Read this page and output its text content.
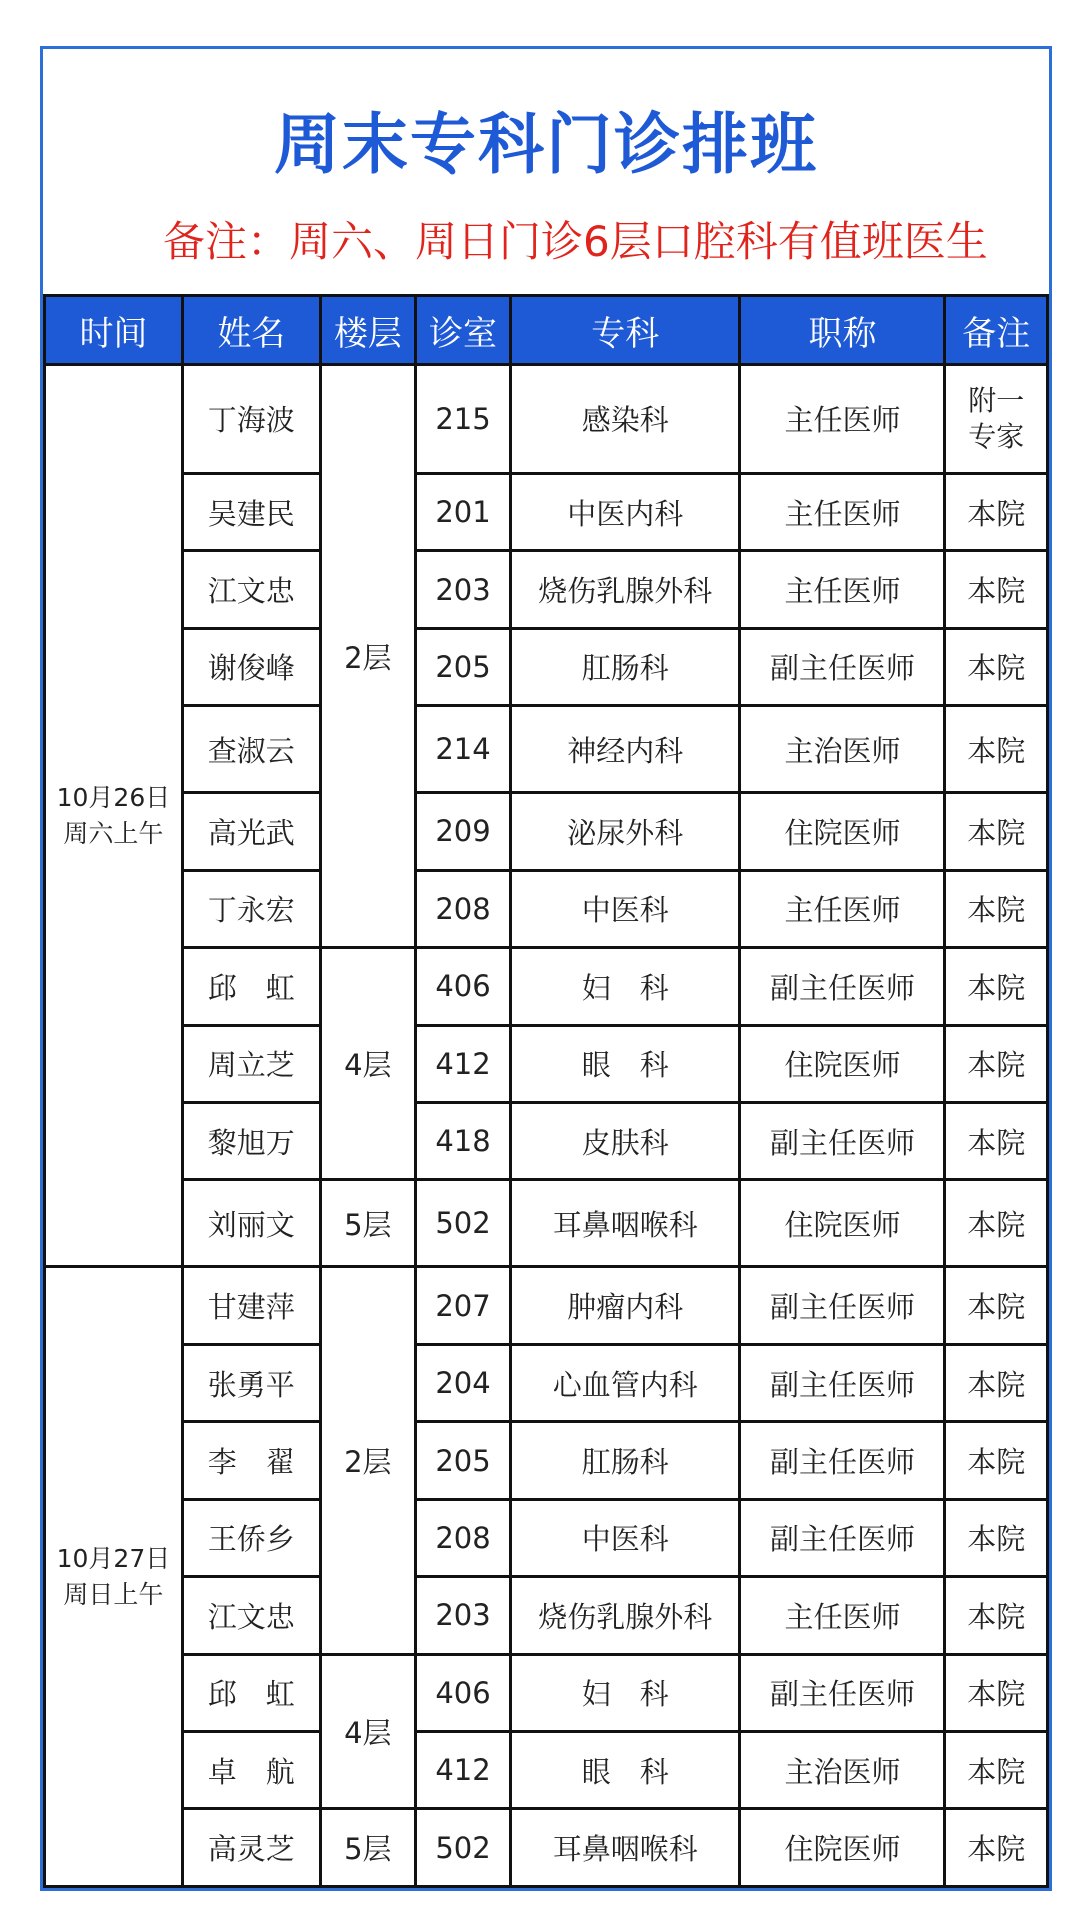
周末专科门诊排班
备注：周六、周日门诊6层口腔科有值班医生
时间	姓名	楼层	诊室	专科	职称	备注
10月26日
周六上午	丁海波	2层	215	感染科	主任医师	附一专家

	吴建民		201	中医内科	主任医师	本院
	江文忠		203	烧伤乳腺外科	主任医师	本院
	谢俊峰		205	肛肠科	副主任医师	本院
	查淑云		214	神经内科	主治医师	本院
	高光武		209	泌尿外科	住院医师	本院
	丁永宏		208	中医科	主任医师	本院
	邱　虹	4层	406	妇　科	副主任医师	本院
	周立芝		412	眼　科	住院医师	本院
	黎旭万		418	皮肤科	副主任医师	本院
	刘丽文	5层	502	耳鼻咽喉科	住院医师	本院
10月27日
周日上午	甘建萍	2层	207	肿瘤内科	副主任医师	本院
	张勇平		204	心血管内科	副主任医师	本院
	李　翟		205	肛肠科	副主任医师	本院
	王侨乡		208	中医科	副主任医师	本院
	江文忠		203	烧伤乳腺外科	主任医师	本院
	邱　虹	4层	406	妇　科	副主任医师	本院
	卓　航		412	眼　科	主治医师	本院
	高灵芝	5层	502	耳鼻咽喉科	住院医师	本院
